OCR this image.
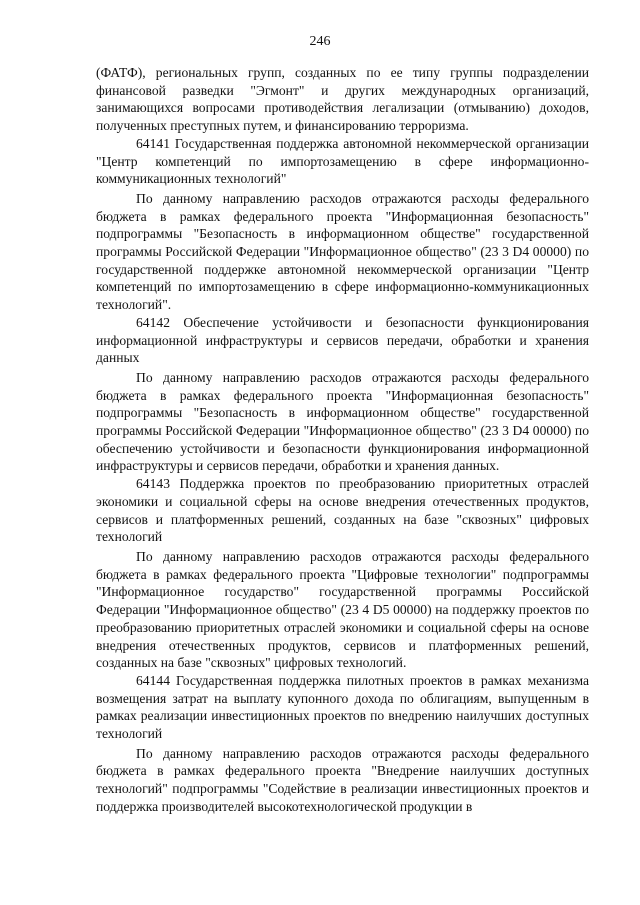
246

(ФАТФ), региональных групп, созданных по ее типу группы подразделении финансовой разведки "Эгмонт" и других международных организаций, занимающихся вопросами противодействия легализации (отмыванию) доходов, полученных преступных путем, и финансированию терроризма.

64141 Государственная поддержка автономной некоммерческой организации "Центр компетенций по импортозамещению в сфере информационно-коммуникационных технологий"

По данному направлению расходов отражаются расходы федерального бюджета в рамках федерального проекта "Информационная безопасность" подпрограммы "Безопасность в информационном обществе" государственной программы Российской Федерации "Информационное общество" (23 3 D4 00000) по государственной поддержке автономной некоммерческой организации "Центр компетенций по импортозамещению в сфере информационно-коммуникационных технологий".

64142 Обеспечение устойчивости и безопасности функционирования информационной инфраструктуры и сервисов передачи, обработки и хранения данных

По данному направлению расходов отражаются расходы федерального бюджета в рамках федерального проекта "Информационная безопасность" подпрограммы "Безопасность в информационном обществе" государственной программы Российской Федерации "Информационное общество" (23 3 D4 00000) по обеспечению устойчивости и безопасности функционирования информационной инфраструктуры и сервисов передачи, обработки и хранения данных.

64143 Поддержка проектов по преобразованию приоритетных отраслей экономики и социальной сферы на основе внедрения отечественных продуктов, сервисов и платформенных решений, созданных на базе "сквозных" цифровых технологий

По данному направлению расходов отражаются расходы федерального бюджета в рамках федерального проекта "Цифровые технологии" подпрограммы "Информационное государство" государственной программы Российской Федерации "Информационное общество" (23 4 D5 00000) на поддержку проектов по преобразованию приоритетных отраслей экономики и социальной сферы на основе внедрения отечественных продуктов, сервисов и платформенных решений, созданных на базе "сквозных" цифровых технологий.

64144 Государственная поддержка пилотных проектов в рамках механизма возмещения затрат на выплату купонного дохода по облигациям, выпущенным в рамках реализации инвестиционных проектов по внедрению наилучших доступных технологий

По данному направлению расходов отражаются расходы федерального бюджета в рамках федерального проекта "Внедрение наилучших доступных технологий" подпрограммы "Содействие в реализации инвестиционных проектов и поддержка производителей высокотехнологической продукции в
